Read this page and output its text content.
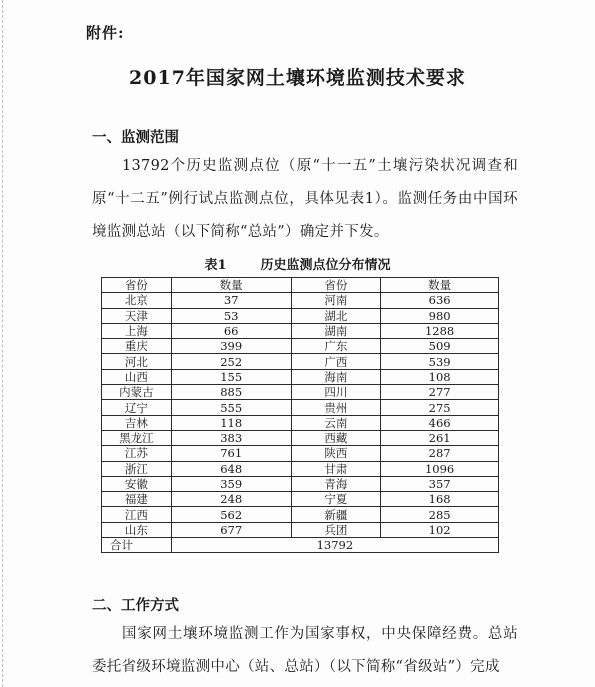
附件:
2017年国家网土壤环境监测技术要求
一、监测范围
13792个历史监测点位（原“十一五”土壤污染状况调查和原“十二五”例行试点监测点位，具体见表1）。监测任务由中国环境监测总站（以下简称“总站”）确定并下发。
表1	历史监测点位分布情况
省份	数量	省份	数量
北京	37	河南	636
天津	53	湖北	980
上海	66	湖南	1288
重庆	399	广东	509
河北	252	广西	539
山西	155	海南	108
内蒙古	885	四川	277
辽宁	555	贵州	275
吉林	118	云南	466
黑龙江	383	西藏	261
江苏	761	陕西	287
浙江	648	甘肃	1096
安徽	359	青海	357
福建	248	宁夏	168
江西	562	新疆	285
山东	677	兵团	102
合计	13792		
二、工作方式
国家网土壤环境监测工作为国家事权，中央保障经费。总站委托省级环境监测中心（站、总站）（以下简称“省级站”）完成
